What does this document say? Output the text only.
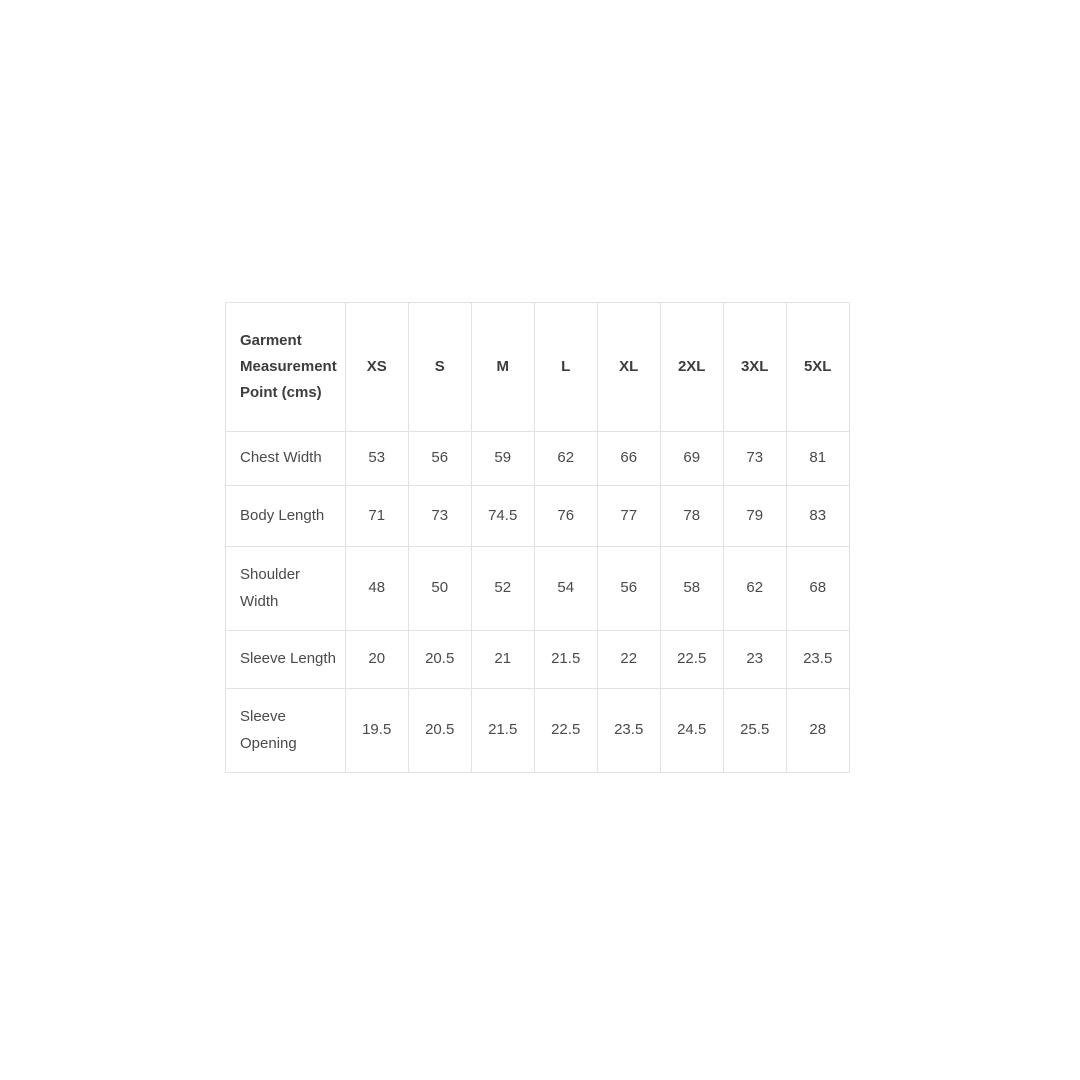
Garment Measurement Point (cms)	XS	S	M	L	XL	2XL	3XL	5XL
Chest Width	53	56	59	62	66	69	73	81
Body Length	71	73	74.5	76	77	78	79	83
Shoulder Width	48	50	52	54	56	58	62	68
Sleeve Length	20	20.5	21	21.5	22	22.5	23	23.5
Sleeve Opening	19.5	20.5	21.5	22.5	23.5	24.5	25.5	28
